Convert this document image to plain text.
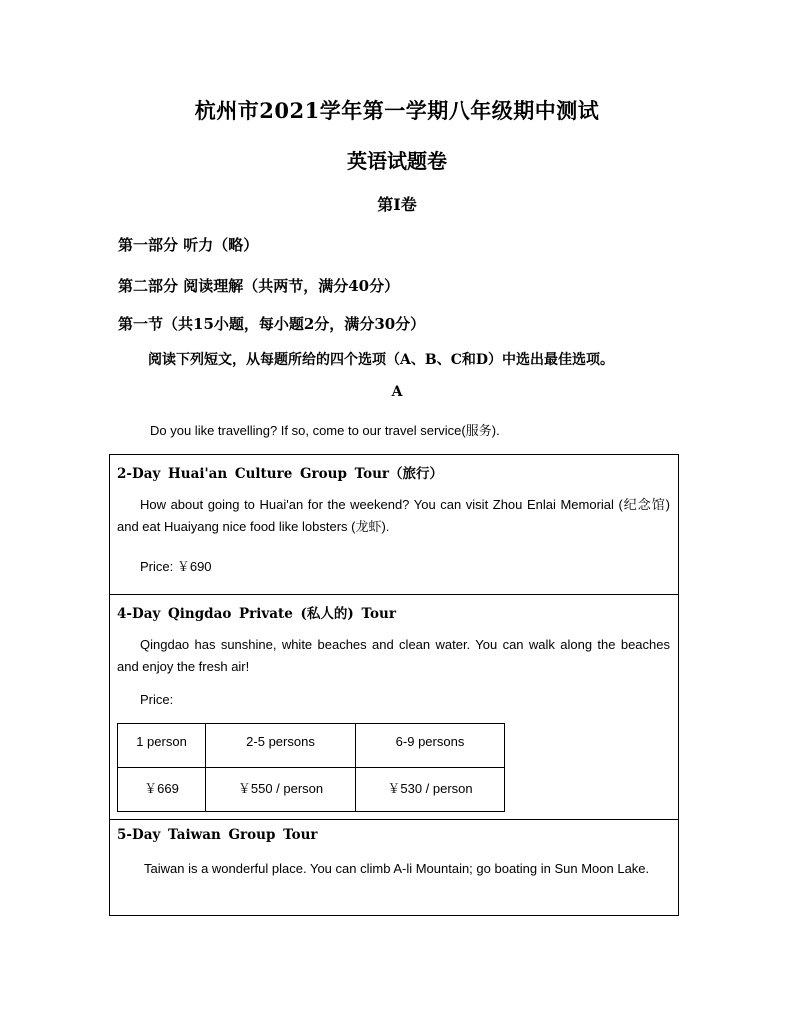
杭州市2021学年第一学期八年级期中测试
英语试题卷
第I卷
第一部分 听力（略）
第二部分 阅读理解（共两节，满分40分）
第一节（共15小题，每小题2分，满分30分）
阅读下列短文，从每题所给的四个选项（A、B、C和D）中选出最佳选项。
A
Do you like travelling? If so, come to our travel service(服务).
2-Day Huai'an Culture Group Tour（旅行）
How about going to Huai'an for the weekend? You can visit Zhou Enlai Memorial (纪念馆) and eat Huaiyang nice food like lobsters (龙虾).
Price: ￥690
4-Day Qingdao Private (私人的) Tour
Qingdao has sunshine, white beaches and clean water. You can walk along the beaches and enjoy the fresh air!
Price:
1 person	2-5 persons	6-9 persons
￥669	￥550 / person	￥530 / person
5-Day Taiwan Group Tour
Taiwan is a wonderful place. You can climb A-li Mountain; go boating in Sun Moon Lake.
